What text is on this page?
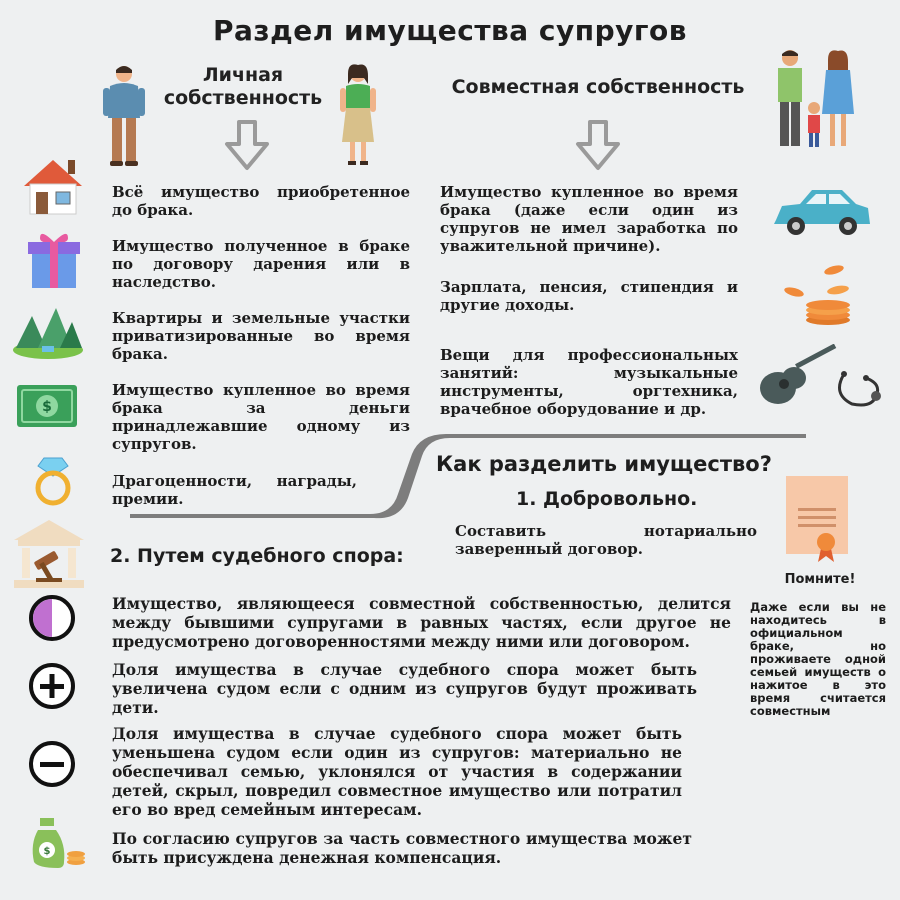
Раздел имущества супругов
Личная собственность	Совместная собственность
$
$
Всё имущество приобретенное до брака.
Имущество полученное в браке по договору дарения или в наследство.
Квартиры и земельные участки приватизированные во время брака.
Имущество купленное во время брака за деньги принадлежавшие одному из супругов.
Драгоценности, награды, премии.
Имущество купленное во время брака (даже если один из супругов не имел заработка по уважительной причине).
Зарплата, пенсия, стипендия и другие доходы.
Вещи для профессиональных занятий: музыкальные инструменты, оргтехника, врачебное оборудование и др.
Как разделить имущество?
1. Добровольно.
Составить нотариально заверенный договор.
2. Путем судебного спора:
Имущество, являющееся совместной собственностью, делится между бывшими супругами в равных частях, если другое не предусмотрено договоренностями между ними или договором.
Доля имущества в случае судебного спора может быть увеличена судом если с одним из супругов будут проживать дети.
Доля имущества в случае судебного спора может быть уменьшена судом если один из супругов: материально не обеспечивал семью, уклонялся от участия в содержании детей, скрыл, повредил совместное имущество или потратил его во вред семейным интересам.
По согласию супругов за часть совместного имущества может быть присуждена денежная компенсация.
Помните!
Даже если вы не находитесь в официальном браке, но проживаете одной семьей имуществ о нажитое в это время считается совместным
